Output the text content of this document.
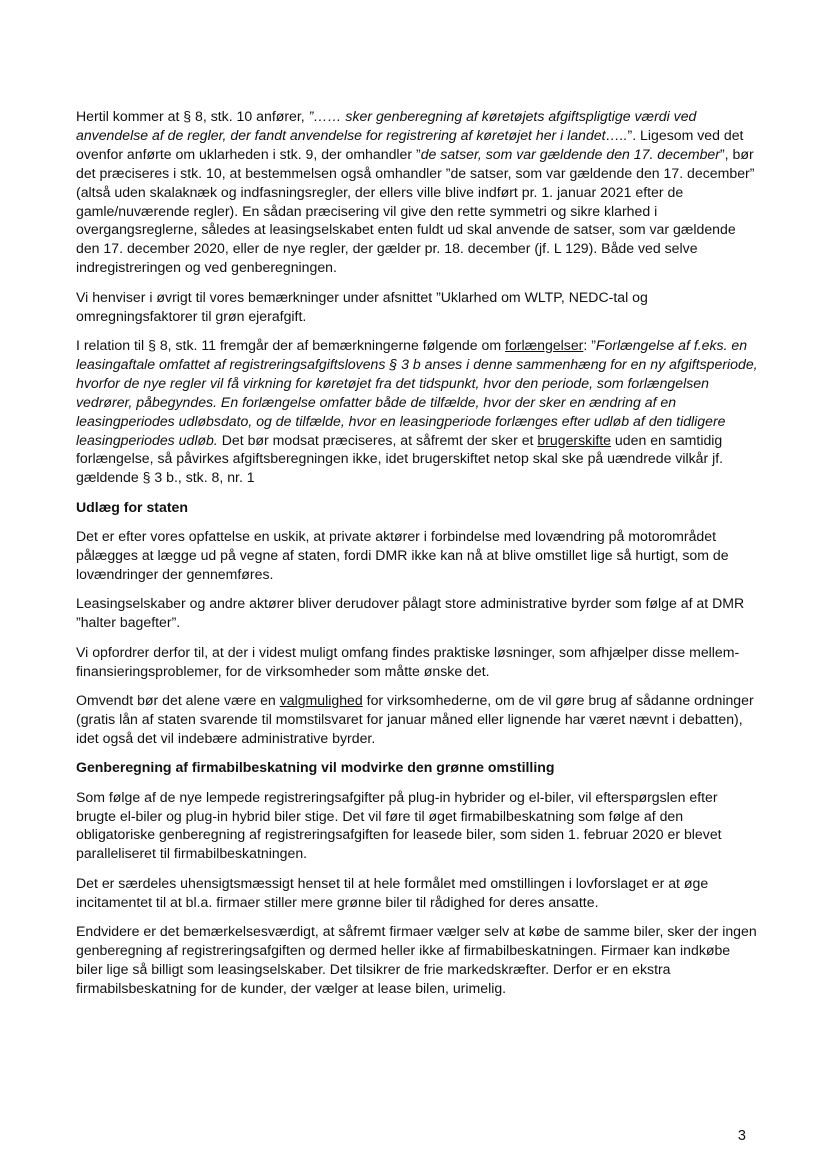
Hertil kommer at § 8, stk. 10 anfører, ”…… sker genberegning af køretøjets afgiftspligtige værdi ved anvendelse af de regler, der fandt anvendelse for registrering af køretøjet her i landet…..”. Ligesom ved det ovenfor anførte om uklarheden i stk. 9, der omhandler ”de satser, som var gældende den 17. december”, bør det præciseres i stk. 10, at bestemmelsen også omhandler ”de satser, som var gældende den 17. december” (altså uden skalaknæk og indfasningsregler, der ellers ville blive indført pr. 1. januar 2021 efter de gamle/nuværende regler). En sådan præcisering vil give den rette symmetri og sikre klarhed i overgangsreglerne, således at leasingselskabet enten fuldt ud skal anvende de satser, som var gældende den 17. december 2020, eller de nye regler, der gælder pr. 18. december (jf. L 129). Både ved selve indregistreringen og ved genberegningen.

Vi henviser i øvrigt til vores bemærkninger under afsnittet ”Uklarhed om WLTP, NEDC-tal og omregningsfaktorer til grøn ejerafgift.

I relation til § 8, stk. 11 fremgår der af bemærkningerne følgende om forlængelser: ”Forlængelse af f.eks. en leasingaftale omfattet af registreringsafgiftslovens § 3 b anses i denne sammenhæng for en ny afgiftsperiode, hvorfor de nye regler vil få virkning for køretøjet fra det tidspunkt, hvor den periode, som forlængelsen vedrører, påbegyndes. En forlængelse omfatter både de tilfælde, hvor der sker en ændring af en leasingperiodes udløbsdato, og de tilfælde, hvor en leasingperiode forlænges efter udløb af den tidligere leasingperiodes udløb. Det bør modsat præciseres, at såfremt der sker et brugerskifte uden en samtidig forlængelse, så påvirkes afgiftsberegningen ikke, idet brugerskiftet netop skal ske på uændrede vilkår jf. gældende § 3 b., stk. 8, nr. 1

Udlæg for staten

Det er efter vores opfattelse en uskik, at private aktører i forbindelse med lovændring på motorområdet pålægges at lægge ud på vegne af staten, fordi DMR ikke kan nå at blive omstillet lige så hurtigt, som de lovændringer der gennemføres.

Leasingselskaber og andre aktører bliver derudover pålagt store administrative byrder som følge af at DMR ”halter bagefter”.

Vi opfordrer derfor til, at der i videst muligt omfang findes praktiske løsninger, som afhjælper disse mellem-finansieringsproblemer, for de virksomheder som måtte ønske det.

Omvendt bør det alene være en valgmulighed for virksomhederne, om de vil gøre brug af sådanne ordninger (gratis lån af staten svarende til momstilsvaret for januar måned eller lignende har været nævnt i debatten), idet også det vil indebære administrative byrder.

Genberegning af firmabilbeskatning vil modvirke den grønne omstilling

Som følge af de nye lempede registreringsafgifter på plug-in hybrider og el-biler, vil efterspørgslen efter brugte el-biler og plug-in hybrid biler stige. Det vil føre til øget firmabilbeskatning som følge af den obligatoriske genberegning af registreringsafgiften for leasede biler, som siden 1. februar 2020 er blevet paralleliseret til firmabilbeskatningen.

Det er særdeles uhensigtsmæssigt henset til at hele formålet med omstillingen i lovforslaget er at øge incitamentet til at bl.a. firmaer stiller mere grønne biler til rådighed for deres ansatte.

Endvidere er det bemærkelsesværdigt, at såfremt firmaer vælger selv at købe de samme biler, sker der ingen genberegning af registreringsafgiften og dermed heller ikke af firmabilbeskatningen. Firmaer kan indkøbe biler lige så billigt som leasingselskaber. Det tilsikrer de frie markedskræfter. Derfor er en ekstra firmabilsbeskatning for de kunder, der vælger at lease bilen, urimelig.

3
